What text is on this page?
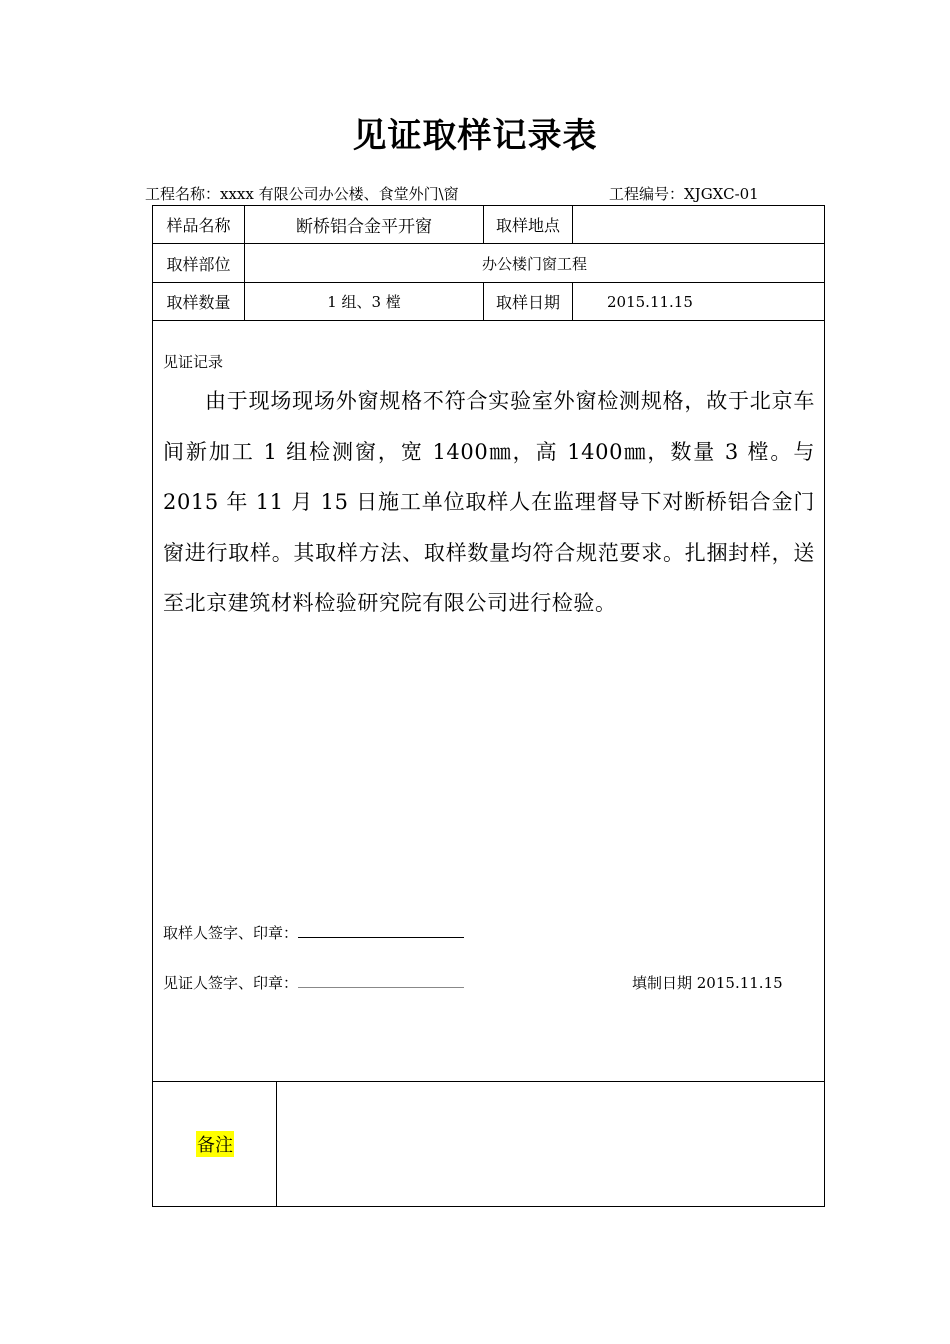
见证取样记录表
工程名称：xxxx 有限公司办公楼、食堂外门\窗	工程编号：XJGXC-01
样品名称	断桥铝合金平开窗	取样地点
取样部位	办公楼门窗工程
取样数量	1 组、3 樘	取样日期	2015.11.15
见证记录
由于现场现场外窗规格不符合实验室外窗检测规格，故于北京车间新加工 1 组检测窗，宽 1400㎜，高 1400㎜，数量 3 樘。与2015 年 11 月 15 日施工单位取样人在监理督导下对断桥铝合金门窗进行取样。其取样方法、取样数量均符合规范要求。扎捆封样，送至北京建筑材料检验研究院有限公司进行检验。
取样人签字、印章：
见证人签字、印章：	填制日期 2015.11.15
备注
